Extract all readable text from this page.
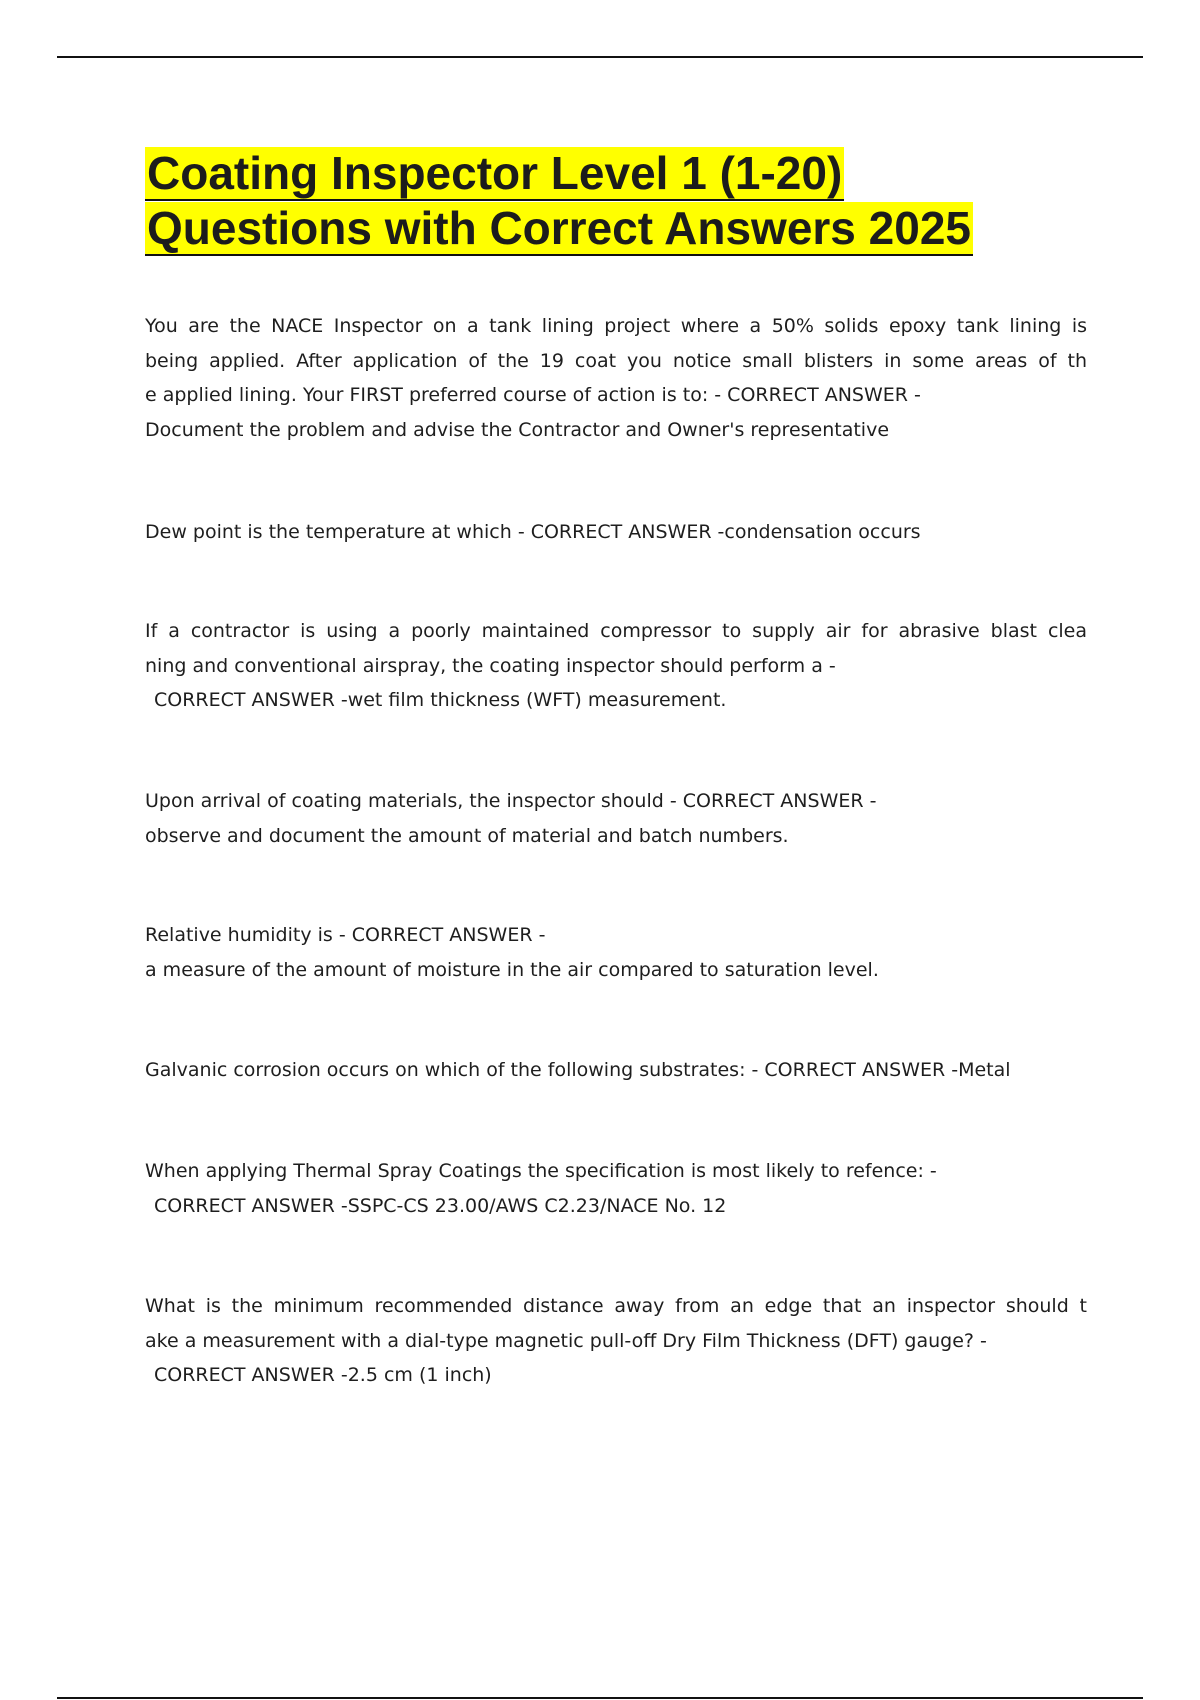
Coating Inspector Level 1 (1-20)
Questions with Correct Answers 2025

You are the NACE Inspector on a tank lining project where a 50% solids epoxy tank lining is
being applied. After application of the 19 coat you notice small blisters in some areas of th
e applied lining. Your FIRST preferred course of action is to: - CORRECT ANSWER -
Document the problem and advise the Contractor and Owner's representative

Dew point is the temperature at which - CORRECT ANSWER -condensation occurs

If a contractor is using a poorly maintained compressor to supply air for abrasive blast clea
ning and conventional airspray, the coating inspector should perform a -
CORRECT ANSWER -wet film thickness (WFT) measurement.

Upon arrival of coating materials, the inspector should - CORRECT ANSWER -
observe and document the amount of material and batch numbers.

Relative humidity is - CORRECT ANSWER -
a measure of the amount of moisture in the air compared to saturation level.

Galvanic corrosion occurs on which of the following substrates: - CORRECT ANSWER -Metal

When applying Thermal Spray Coatings the specification is most likely to refence: -
CORRECT ANSWER -SSPC-CS 23.00/AWS C2.23/NACE No. 12

What is the minimum recommended distance away from an edge that an inspector should t
ake a measurement with a dial-type magnetic pull-off Dry Film Thickness (DFT) gauge? -
CORRECT ANSWER -2.5 cm (1 inch)
